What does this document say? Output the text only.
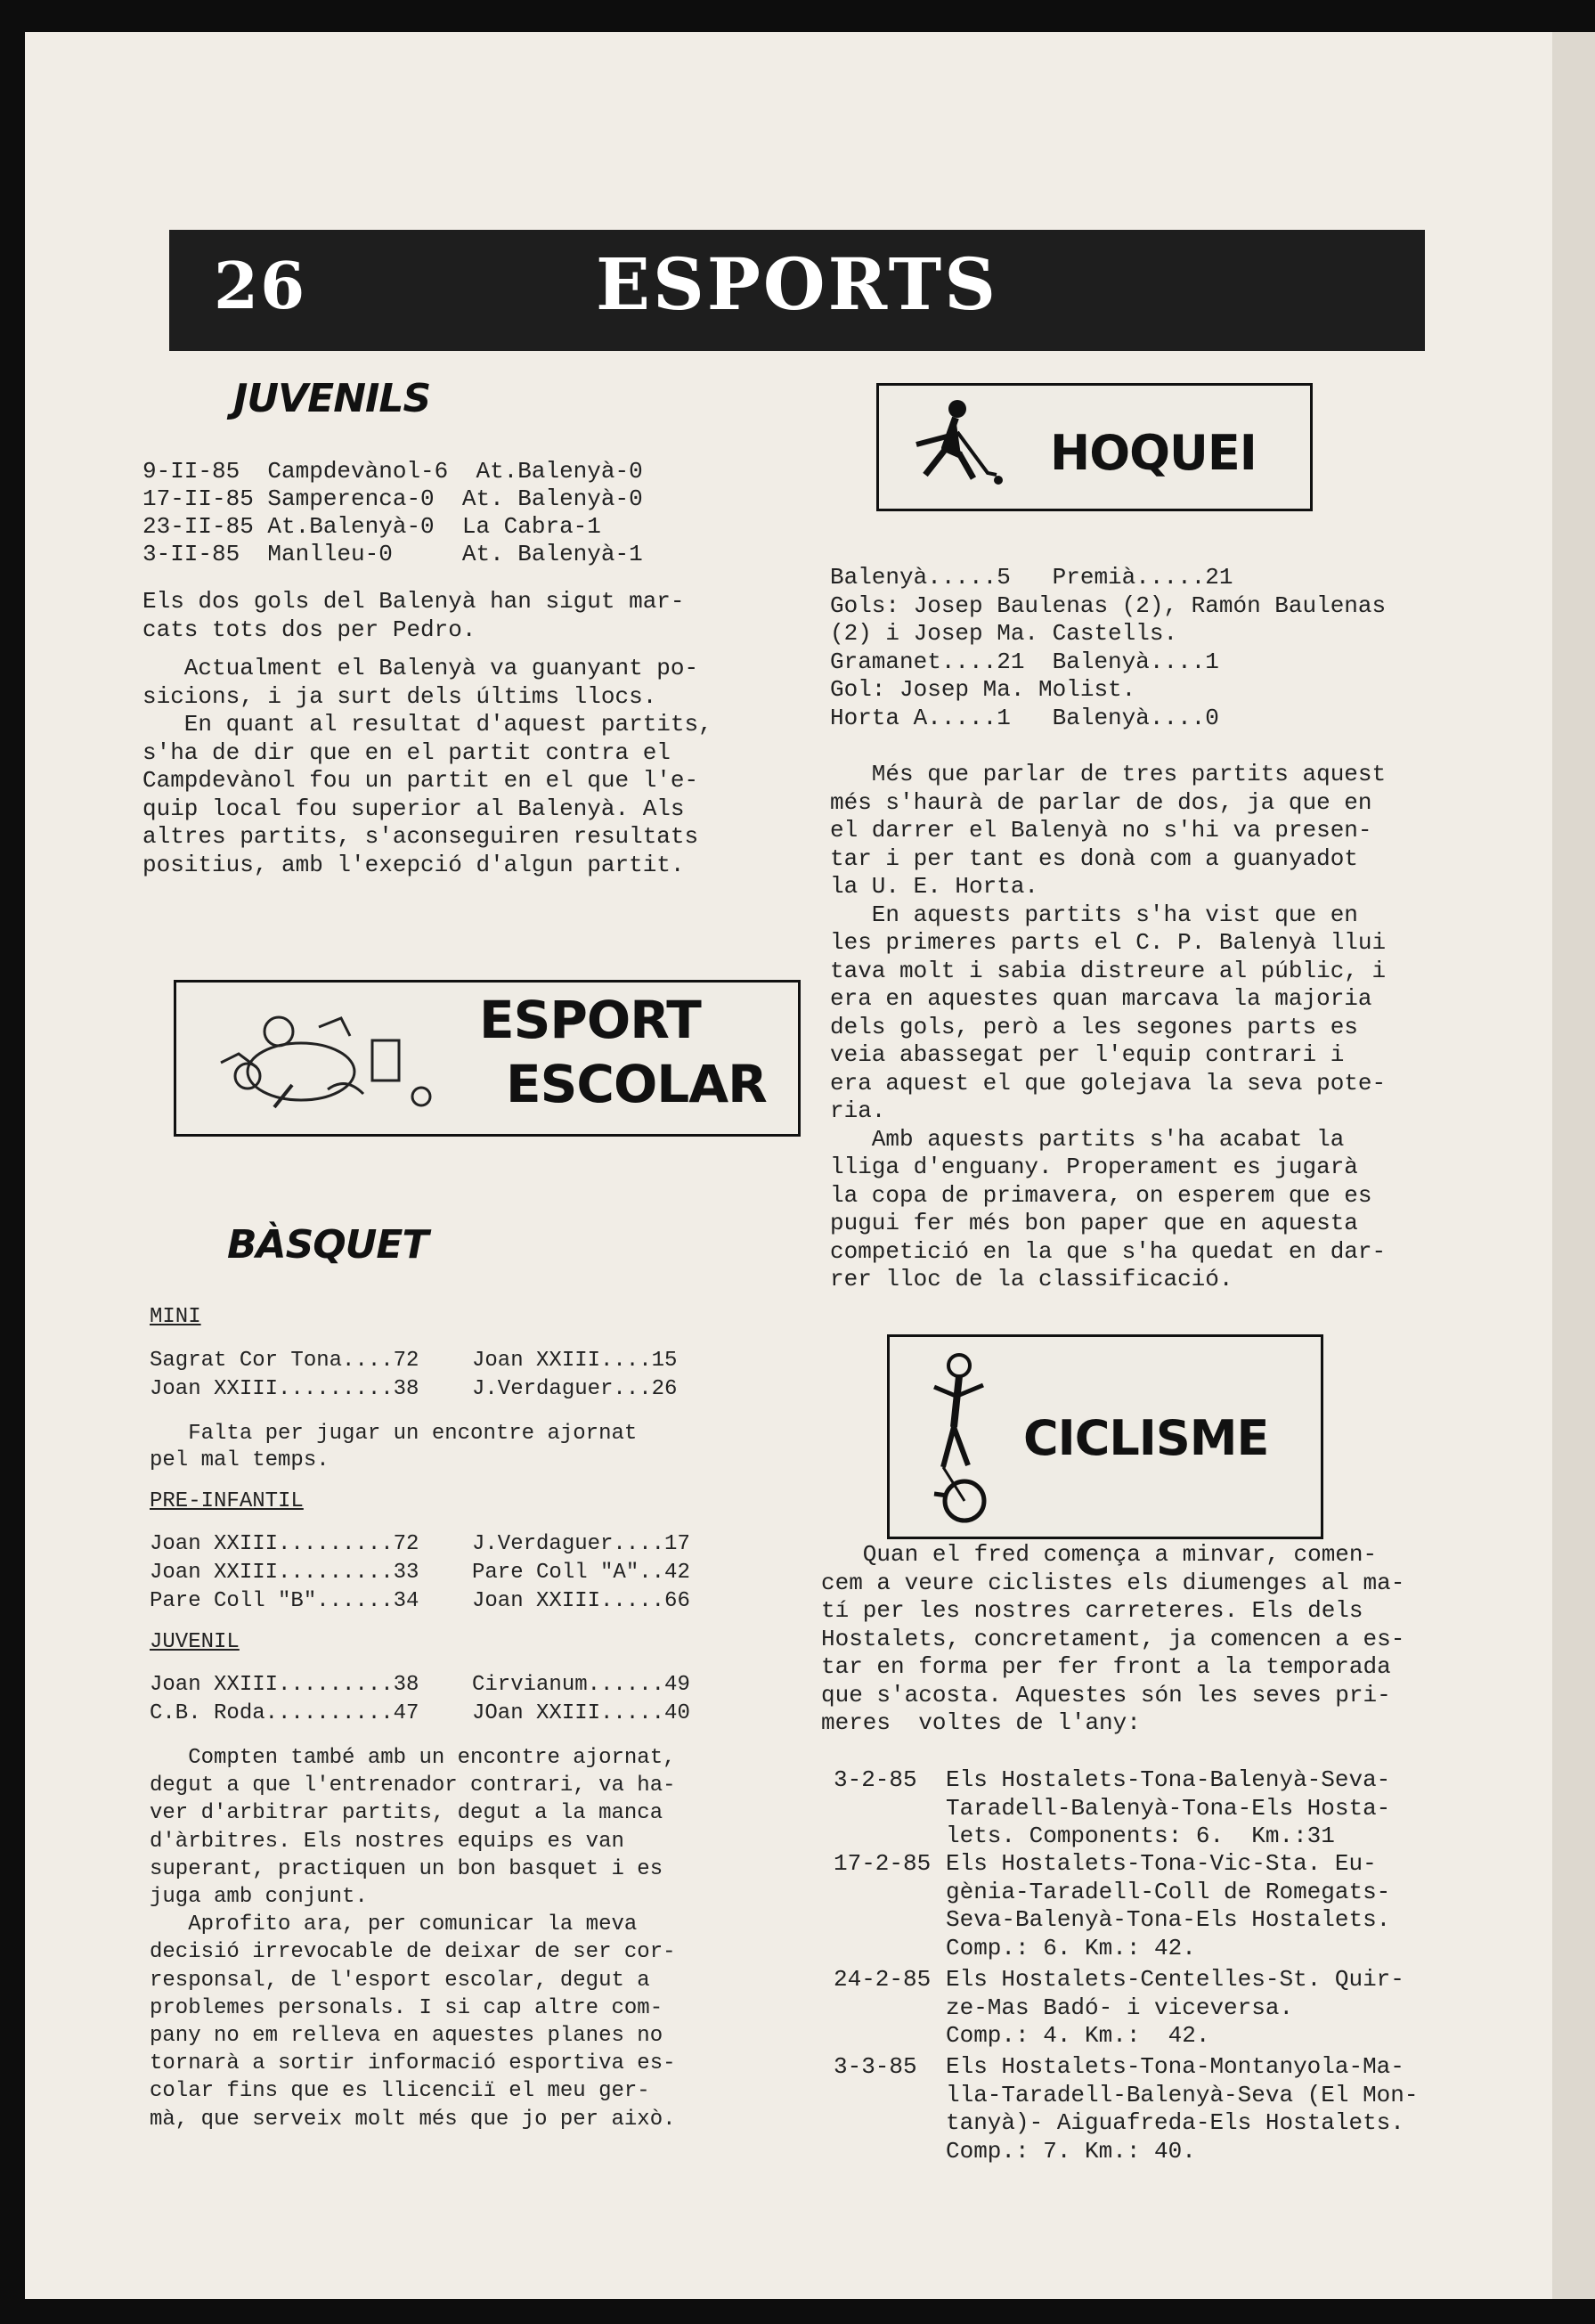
26	ESPORTS
JUVENILS
9-II-85  Campdevànol-6  At.Balenyà-0
17-II-85 Samperenca-0  At. Balenyà-0
23-II-85 At.Balenyà-0  La Cabra-1
3-II-85  Manlleu-0     At. Balenyà-1
Els dos gols del Balenyà han sigut mar-
cats tots dos per Pedro.
Actualment el Balenyà va guanyant po-
sicions, i ja surt dels últims llocs.
En quant al resultat d'aquest partits,
s'ha de dir que en el partit contra el
Campdevànol fou un partit en el que l'e-
quip local fou superior al Balenyà. Als
altres partits, s'aconseguiren resultats
positius, amb l'exepció d'algun partit.
ESPORT
ESCOLAR
BÀSQUET
MINI
Sagrat Cor Tona....72 Joan XXIII....15
Joan XXIII.........38 J.Verdaguer...26
Falta per jugar un encontre ajornat
pel mal temps.
PRE-INFANTIL
Joan XXIII.........72 J.Verdaguer....17
Joan XXIII.........33 Pare Coll "A"..42
Pare Coll "B"......34 Joan XXIII.....66
JUVENIL
Joan XXIII.........38 Cirvianum......49
C.B. Roda..........47 JOan XXIII.....40
Compten també amb un encontre ajornat,
degut a que l'entrenador contrari, va ha-
ver d'arbitrar partits, degut a la manca
d'àrbitres. Els nostres equips es van
superant, practiquen un bon basquet i es
juga amb conjunt.
Aprofito ara, per comunicar la meva
decisió irrevocable de deixar de ser cor-
responsal, de l'esport escolar, degut a
problemes personals. I si cap altre com-
pany no em relleva en aquestes planes no
tornarà a sortir informació esportiva es-
colar fins que es llicenciï el meu ger-
mà, que serveix molt més que jo per això.
HOQUEI
Balenyà.....5   Premià.....21
Gols: Josep Baulenas (2), Ramón Baulenas
(2) i Josep Ma. Castells.
Gramanet....21  Balenyà....1
Gol: Josep Ma. Molist.
Horta A.....1   Balenyà....0
Més que parlar de tres partits aquest
més s'haurà de parlar de dos, ja que en
el darrer el Balenyà no s'hi va presen-
tar i per tant es donà com a guanyadot
la U. E. Horta.
En aquests partits s'ha vist que en
les primeres parts el C. P. Balenyà llui
tava molt i sabia distreure al públic, i
era en aquestes quan marcava la majoria
dels gols, però a les segones parts es
veia abassegat per l'equip contrari i
era aquest el que golejava la seva pote-
ria.
Amb aquests partits s'ha acabat la
lliga d'enguany. Properament es jugarà
la copa de primavera, on esperem que es
pugui fer més bon paper que en aquesta
competició en la que s'ha quedat en dar-
rer lloc de la classificació.
CICLISME
Quan el fred comença a minvar, comen-
cem a veure ciclistes els diumenges al ma-
tí per les nostres carreteres. Els dels
Hostalets, concretament, ja comencen a es-
tar en forma per fer front a la temporada
que s'acosta. Aquestes són les seves pri-
meres  voltes de l'any:
3-2-85 Els Hostalets-Tona-Balenyà-Seva-
Taradell-Balenyà-Tona-Els Hosta-
lets. Components: 6.  Km.:31
17-2-85 Els Hostalets-Tona-Vic-Sta. Eu-
gènia-Taradell-Coll de Romegats-
Seva-Balenyà-Tona-Els Hostalets.
Comp.: 6. Km.: 42.
24-2-85 Els Hostalets-Centelles-St. Quir-
ze-Mas Badó- i viceversa.
Comp.: 4. Km.:  42.
3-3-85 Els Hostalets-Tona-Montanyola-Ma-
lla-Taradell-Balenyà-Seva (El Mon-
tanyà)- Aiguafreda-Els Hostalets.
Comp.: 7. Km.: 40.
